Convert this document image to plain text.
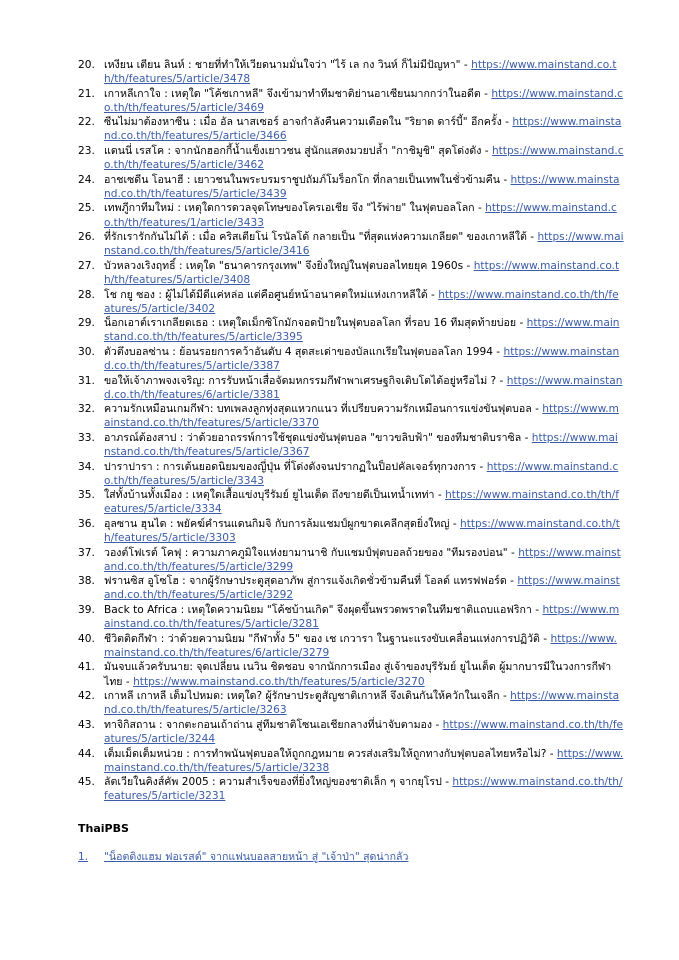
20. เหงียน เตียน ลินห์ : ชายที่ทำให้เวียดนามมั่นใจว่า "ไร้ เล กง วินห์ ก็ไม่มีปัญหา" - https://www.mainstand.co.th/th/features/5/article/3478
21. เกาหลีเกาใจ : เหตุใด "โค้ชเกาหลี" จึงเข้ามาทำทีมชาติย่านอาเซียนมากกว่าในอดีต - https://www.mainstand.co.th/th/features/5/article/3469
22. ซีนไม่มาต้องหาซีน : เมื่อ อัล นาสเซอร์ อาจกำลังคืนความเดือดใน "ริยาด ดาร์บี้" อีกครั้ง - https://www.mainstand.co.th/th/features/5/article/3466
23. แดนนี่ เรสโค : จากนักฮอกกี้น้ำแข็งเยาวชน สู่นักแสดงมวยปล้ำ "กาชิมูชิ" สุดโด่งดัง - https://www.mainstand.co.th/th/features/5/article/3462
24. อาชเซดีน โอนาฮี : เยาวชนในพระบรมราชูปถัมภ์โมร็อกโก ที่กลายเป็นเทพในชั่วข้ามคืน - https://www.mainstand.co.th/th/features/5/article/3439
25. เทพภูีกาทีมใหม่ : เหตุใดการดวลจุดโทษของโครเอเชีย จึง "ไร้พ่าย" ในฟุตบอลโลก - https://www.mainstand.co.th/th/features/1/article/3433
26. ที่รักเรารักกันไม่ได้ : เมื่อ คริสเตียโน่ โรนัลโด้ กลายเป็น "ที่สุดแห่งความเกลียด" ของเกาหลีใต้ - https://www.mainstand.co.th/th/features/5/article/3416
27. บัวหลวงเริงฤทธิ์ : เหตุใด "ธนาคารกรุงเทพ" จึงยิ่งใหญ่ในฟุตบอลไทยยุค 1960s - https://www.mainstand.co.th/th/features/5/article/3408
28. โช กยู ซอง : ผู้ไม่ได้มีดีแค่หล่อ แต่คือศูนย์หน้าอนาคตใหม่แห่งเกาหลีใต้ - https://www.mainstand.co.th/th/features/5/article/3402
29. น็อกเอาต์เราเกลียดเธอ : เหตุใดเม็กซิโกมักจอดป้ายในฟุตบอลโลก ที่รอบ 16 ทีมสุดท้ายบ่อย - https://www.mainstand.co.th/th/features/5/article/3395
30. ตัวตึงบอลซ่าน : ย้อนรอยการคว้าอันดับ 4 สุดสะเด่าของบัลแกเรียในฟุตบอลโลก 1994 - https://www.mainstand.co.th/th/features/5/article/3387
31. ขอให้เจ้าภาพจงเจริญ: การรับหน้าเสื่อจัดมหกรรมกีฬาพาเศรษฐกิจเติบโตได้อยู่หรือไม่ ? - https://www.mainstand.co.th/th/features/6/article/3381
32. ความรักเหมือนเกมกีฬา: บทเพลงลูกทุ่งสุดแหวกแนว ที่เปรียบความรักเหมือนการแข่งขันฟุตบอล - https://www.mainstand.co.th/th/features/5/article/3370
33. อาภรณ์ต้องสาป : ว่าด้วยอาถรรพ์การใช้ชุดแข่งขันฟุตบอล "ขาวขลิบฟ้า" ของทีมชาติบราซิล - https://www.mainstand.co.th/th/features/5/article/3367
34. ปาราปารา : การเต้นยอดนิยมของญี่ปุ่น ที่โด่งดังจนปรากฏในป็อปคัลเจอร์ทุกวงการ - https://www.mainstand.co.th/th/features/5/article/3343
35. ใส่ทั้งบ้านทั้งเมือง : เหตุใดเสื้อแข่งบุรีรัมย์ ยูไนเต็ด ถึงขายดีเป็นเทน้ำเทท่า - https://www.mainstand.co.th/th/features/5/article/3334
36. อุลซาน ฮุนได : พยัคฆ์คำรนแดนกิมจิ กับการล้มแชมป์ผูกขาดเคลีกสุดยิ่งใหญ่ - https://www.mainstand.co.th/th/features/5/article/3303
37. วองต์โฟเรต์ โคฟุ : ความภาคภูมิใจแห่งยามานาชิ กับแชมป์ฟุตบอลถ้วยของ "ทีมรองบ่อน" - https://www.mainstand.co.th/th/features/5/article/3299
38. ฟรานซิส อูโซโฮ : จากผู้รักษาประตูสุดอาภัพ สู่การแจ้งเกิดชั่วข้ามคืนที่ โอลด์ แทรฟฟอร์ด - https://www.mainstand.co.th/th/features/5/article/3292
39. Back to Africa : เหตุใดความนิยม "โค้ชบ้านเกิด" จึงผุดขึ้นพรวดพราดในทีมชาติแถบแอฟริกา - https://www.mainstand.co.th/th/features/5/article/3281
40. ชีวิตติดกีฬา : ว่าด้วยความนิยม "กีฬาทั้ง 5" ของ เช เกวารา ในฐานะแรงขับเคลื่อนแห่งการปฏิวัติ - https://www.mainstand.co.th/th/features/6/article/3279
41. มันจบแล้วครับนาย: จุดเปลี่ยน เนวิน ชิดชอบ จากนักการเมือง สู่เจ้าของบุรีรัมย์ ยูไนเต็ด ผู้มากบารมีในวงการกีฬาไทย - https://www.mainstand.co.th/th/features/5/article/3270
42. เกาหลี เกาหลี เต็มไปหมด: เหตุใด? ผู้รักษาประตูสัญชาติเกาหลี จึงเดินกันให้ควักในเจลีก - https://www.mainstand.co.th/th/features/5/article/3263
43. ทาจิกิสถาน : จากตะกอนเถ้าถ่าน สู่ทีมชาติโซนเอเชียกลางที่น่าจับตามอง - https://www.mainstand.co.th/th/features/5/article/3244
44. เต็มเม็ดเต็มหน่วย : การทำพนันฟุตบอลให้ถูกกฎหมาย ควรส่งเสริมให้ถูกทางกับฟุตบอลไทยหรือไม่? - https://www.mainstand.co.th/th/features/5/article/3238
45. ลัตเวียในคิงส์คัพ 2005 : ความสำเร็จของที่ยิ่งใหญ่ของชาติเล็ก ๆ จากยุโรป - https://www.mainstand.co.th/th/features/5/article/3231
ThaiPBS
1.	"น็อตติงแฮม ฟอเรสต์" จากแฟนบอลสายหน้า สู่ "เจ้าป่า" สุดน่ากลัว
